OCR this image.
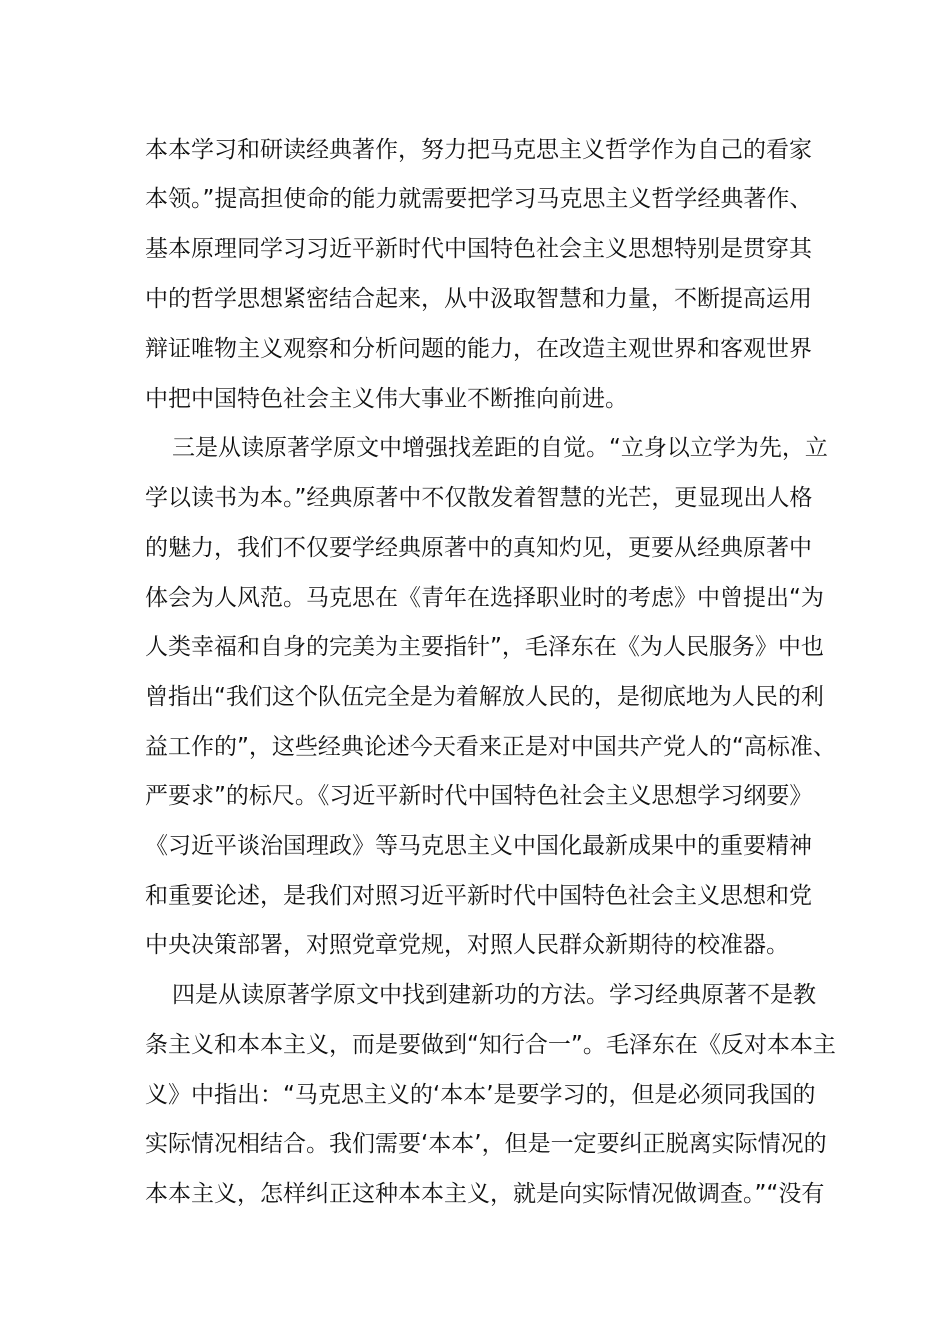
本本学习和研读经典著作，努力把马克思主义哲学作为自己的看家
本领。”提高担使命的能力就需要把学习马克思主义哲学经典著作、
基本原理同学习习近平新时代中国特色社会主义思想特别是贯穿其
中的哲学思想紧密结合起来，从中汲取智慧和力量，不断提高运用
辩证唯物主义观察和分析问题的能力，在改造主观世界和客观世界
中把中国特色社会主义伟大事业不断推向前进。
三是从读原著学原文中增强找差距的自觉。“立身以立学为先，立
学以读书为本。”经典原著中不仅散发着智慧的光芒，更显现出人格
的魅力，我们不仅要学经典原著中的真知灼见，更要从经典原著中
体会为人风范。马克思在《青年在选择职业时的考虑》中曾提出“为
人类幸福和自身的完美为主要指针”，毛泽东在《为人民服务》中也
曾指出“我们这个队伍完全是为着解放人民的，是彻底地为人民的利
益工作的”，这些经典论述今天看来正是对中国共产党人的“高标准、
严要求”的标尺。《习近平新时代中国特色社会主义思想学习纲要》
《习近平谈治国理政》等马克思主义中国化最新成果中的重要精神
和重要论述，是我们对照习近平新时代中国特色社会主义思想和党
中央决策部署，对照党章党规，对照人民群众新期待的校准器。
四是从读原著学原文中找到建新功的方法。学习经典原著不是教
条主义和本本主义，而是要做到“知行合一”。毛泽东在《反对本本主
义》中指出：“马克思主义的‘本本’是要学习的，但是必须同我国的
实际情况相结合。我们需要‘本本’，但是一定要纠正脱离实际情况的
本本主义，怎样纠正这种本本主义，就是向实际情况做调查。”“没有
